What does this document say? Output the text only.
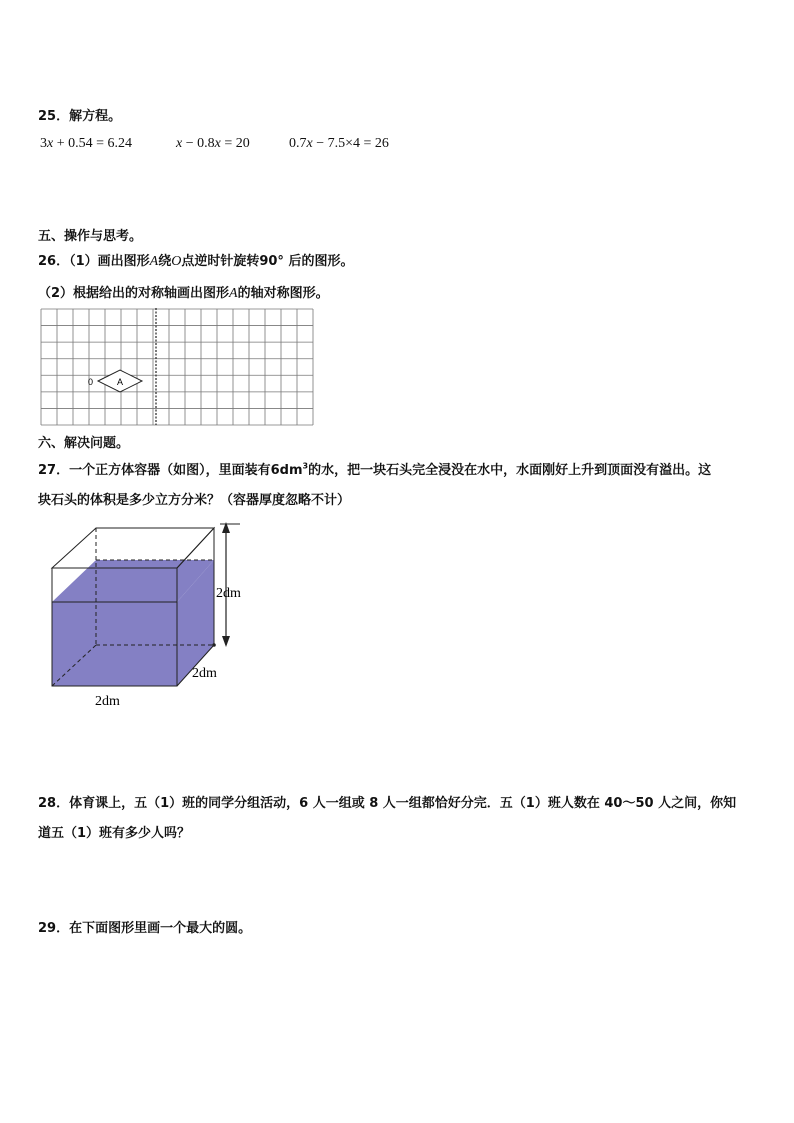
25．解方程。
3x + 0.54 = 6.24	x − 0.8x = 20	0.7x − 7.5×4 = 26
五、操作与思考。
26．（1）画出图形A绕O点逆时针旋转90° 后的图形。
（2）根据给出的对称轴画出图形A的轴对称图形。
A
0
六、解决问题。
27．一个正方体容器（如图），里面装有$6dm^3$的水，把一块石头完全浸没在水中，水面刚好上升到顶面没有溢出。这
块石头的体积是多少立方分米？（容器厚度忽略不计）
2dm
2dm
2dm
28．体育课上，五（1）班的同学分组活动，6 人一组或 8 人一组都恰好分完．五（1）班人数在 40～50 人之间，你知
道五（1）班有多少人吗？
29．在下面图形里画一个最大的圆。
